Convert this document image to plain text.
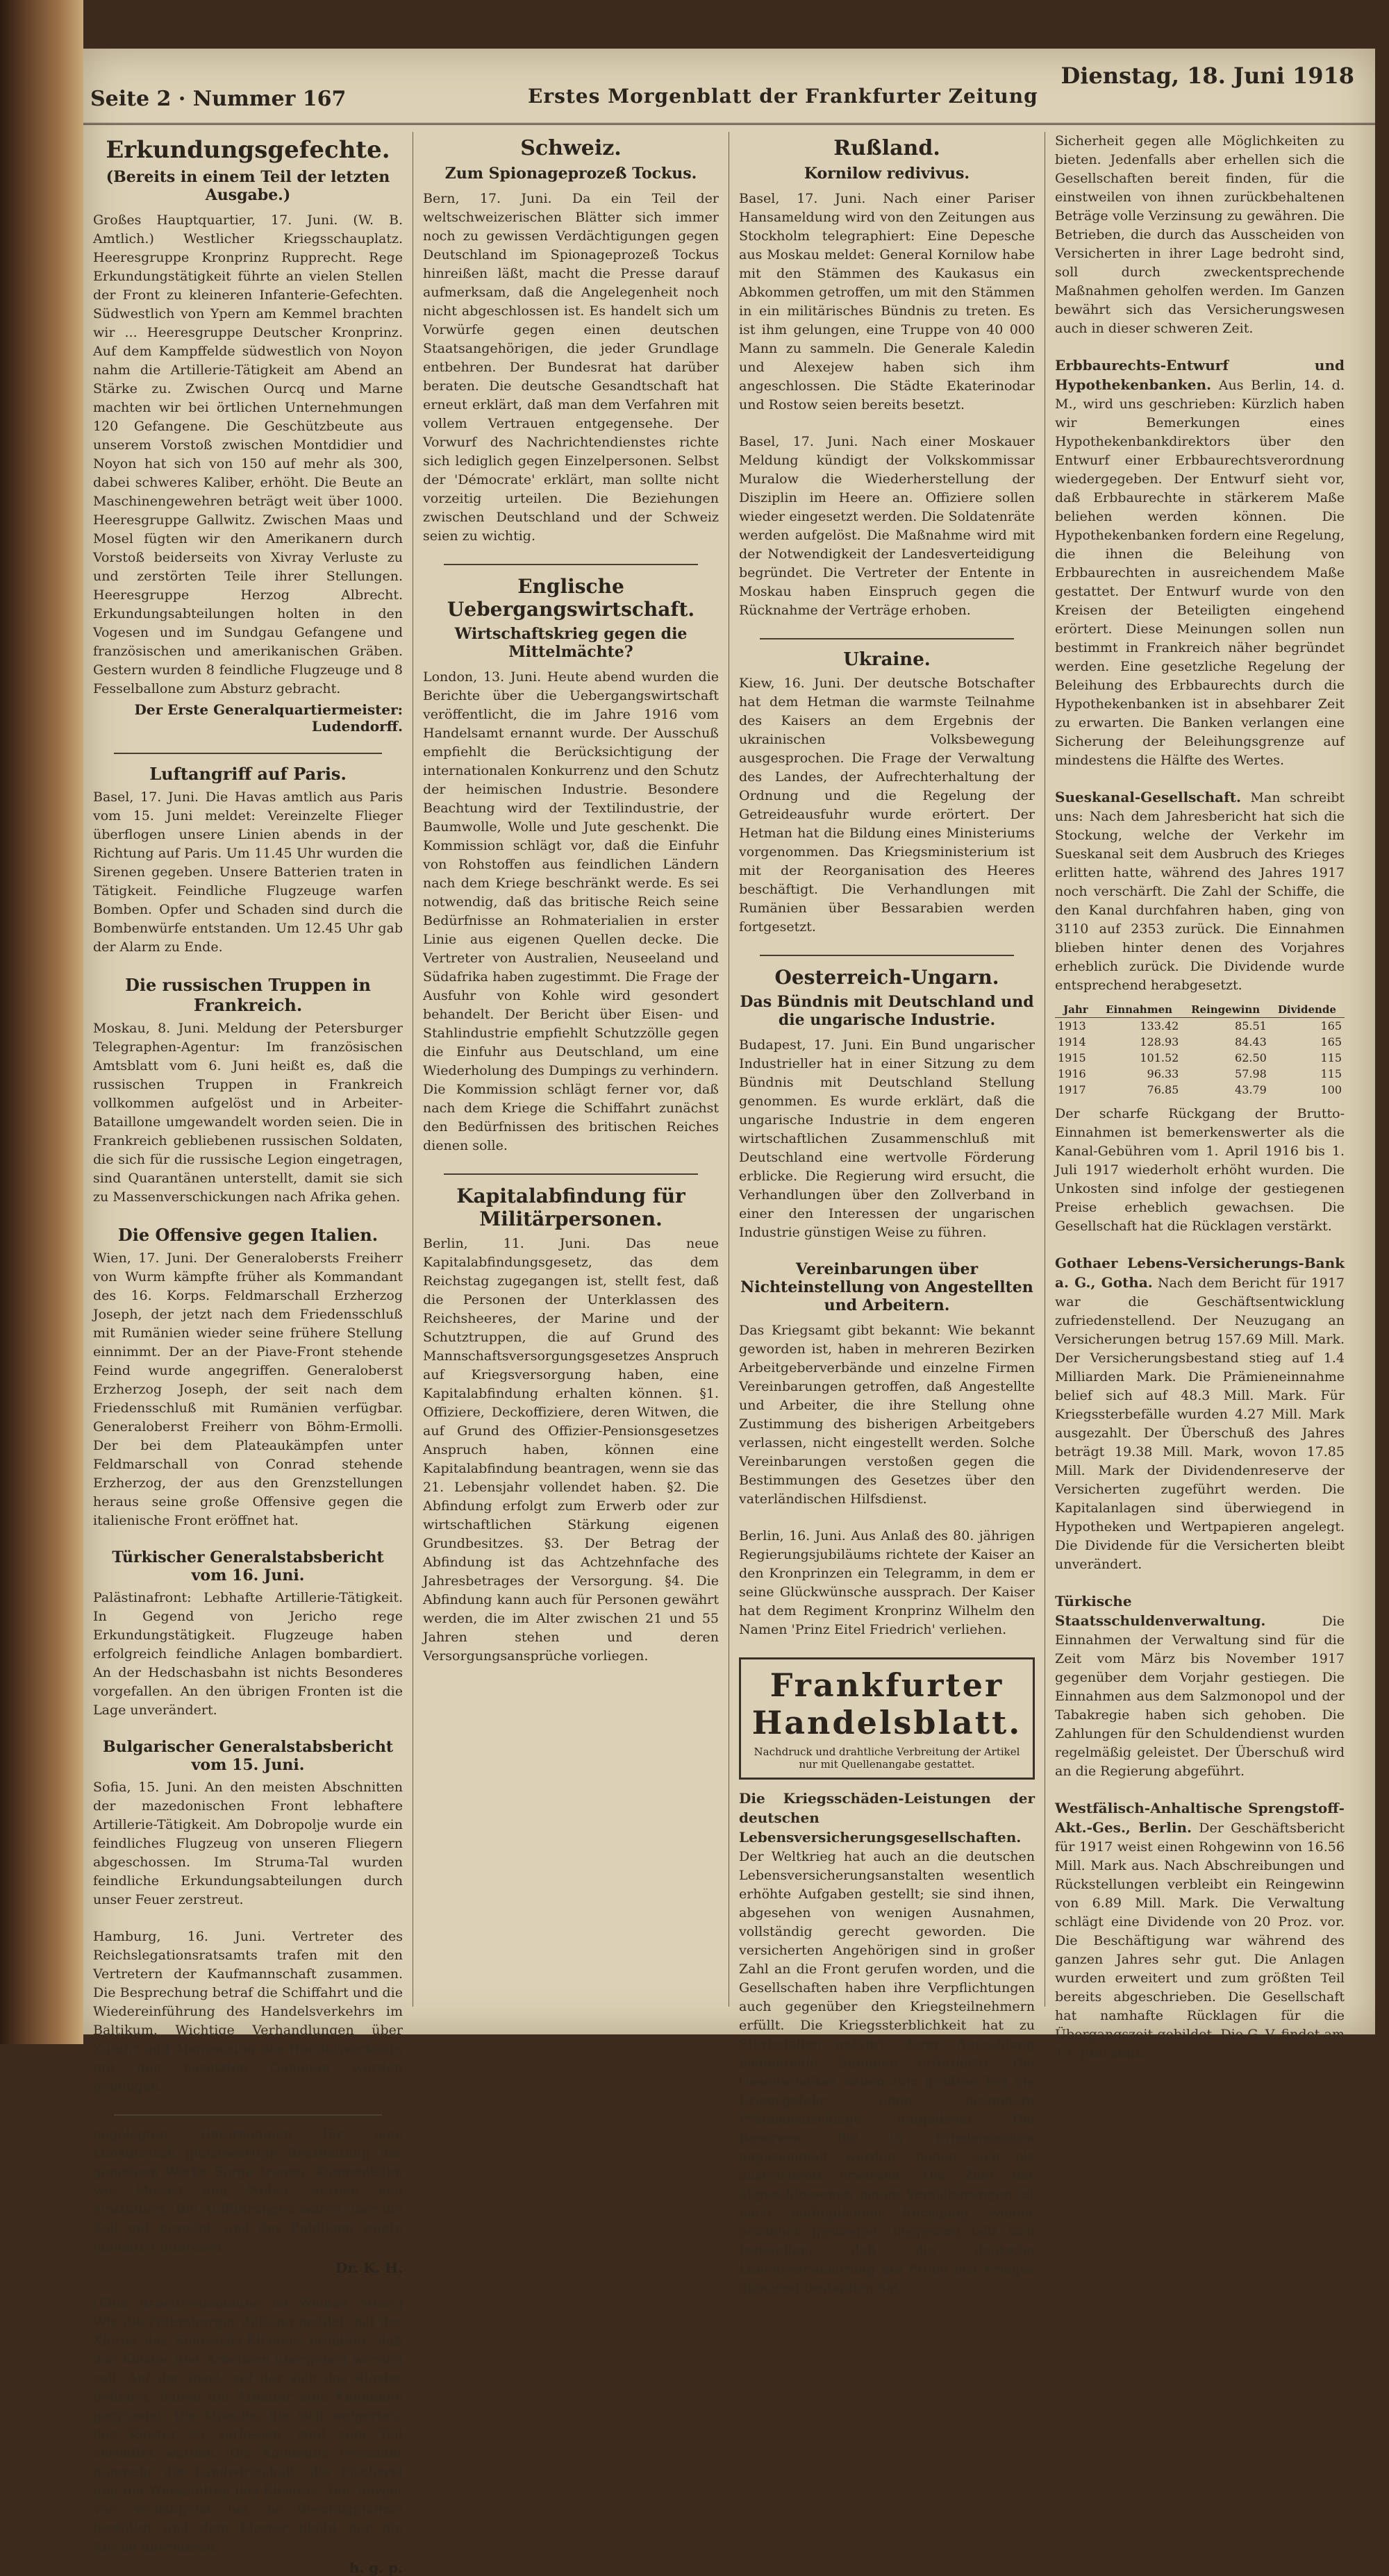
Seite 2 · Nummer 167	Erstes Morgenblatt der Frankfurter Zeitung
Dienstag, 18. Juni 1918
Erkundungsgefechte.
(Bereits in einem Teil der letzten Ausgabe.)
Großes Hauptquartier, 17. Juni. (W. B. Amtlich.) Westlicher Kriegsschauplatz. Heeresgruppe Kronprinz Rupprecht. Rege Erkundungstätigkeit führte an vielen Stellen der Front zu kleineren Infanterie-Gefechten. Südwestlich von Ypern am Kemmel brachten wir ... Heeresgruppe Deutscher Kronprinz. Auf dem Kampffelde südwestlich von Noyon nahm die Artillerie-Tätigkeit am Abend an Stärke zu. Zwischen Ourcq und Marne machten wir bei örtlichen Unternehmungen 120 Gefangene. Die Geschützbeute aus unserem Vorstoß zwischen Montdidier und Noyon hat sich von 150 auf mehr als 300, dabei schweres Kaliber, erhöht. Die Beute an Maschinengewehren beträgt weit über 1000. Heeresgruppe Gallwitz. Zwischen Maas und Mosel fügten wir den Amerikanern durch Vorstoß beiderseits von Xivray Verluste zu und zerstörten Teile ihrer Stellungen. Heeresgruppe Herzog Albrecht. Erkundungsabteilungen holten in den Vogesen und im Sundgau Gefangene und französischen und amerikanischen Gräben. Gestern wurden 8 feindliche Flugzeuge und 8 Fesselballone zum Absturz gebracht.
Der Erste Generalquartiermeister: Ludendorff.
Luftangriff auf Paris.
Basel, 17. Juni. Die Havas amtlich aus Paris vom 15. Juni meldet: Vereinzelte Flieger überflogen unsere Linien abends in der Richtung auf Paris. Um 11.45 Uhr wurden die Sirenen gegeben. Unsere Batterien traten in Tätigkeit. Feindliche Flugzeuge warfen Bomben. Opfer und Schaden sind durch die Bombenwürfe entstanden. Um 12.45 Uhr gab der Alarm zu Ende.
Die russischen Truppen in Frankreich.
Moskau, 8. Juni. Meldung der Petersburger Telegraphen-Agentur: Im französischen Amtsblatt vom 6. Juni heißt es, daß die russischen Truppen in Frankreich vollkommen aufgelöst und in Arbeiter-Bataillone umgewandelt worden seien. Die in Frankreich gebliebenen russischen Soldaten, die sich für die russische Legion eingetragen, sind Quarantänen unterstellt, damit sie sich zu Massenverschickungen nach Afrika gehen.
Die Offensive gegen Italien.
Wien, 17. Juni. Der Generalobersts Freiherr von Wurm kämpfte früher als Kommandant des 16. Korps. Feldmarschall Erzherzog Joseph, der jetzt nach dem Friedensschluß mit Rumänien wieder seine frühere Stellung einnimmt. Der an der Piave-Front stehende Feind wurde angegriffen. Generaloberst Erzherzog Joseph, der seit nach dem Friedensschluß mit Rumänien verfügbar. Generaloberst Freiherr von Böhm-Ermolli. Der bei dem Plateaukämpfen unter Feldmarschall von Conrad stehende Erzherzog, der aus den Grenzstellungen heraus seine große Offensive gegen die italienische Front eröffnet hat.
Türkischer Generalstabsbericht vom 16. Juni.
Palästinafront: Lebhafte Artillerie-Tätigkeit. In Gegend von Jericho rege Erkundungstätigkeit. Flugzeuge haben erfolgreich feindliche Anlagen bombardiert. An der Hedschasbahn ist nichts Besonderes vorgefallen. An den übrigen Fronten ist die Lage unverändert.
Bulgarischer Generalstabsbericht vom 15. Juni.
Sofia, 15. Juni. An den meisten Abschnitten der mazedonischen Front lebhaftere Artillerie-Tätigkeit. Am Dobropolje wurde ein feindliches Flugzeug von unseren Fliegern abgeschossen. Im Struma-Tal wurden feindliche Erkundungsabteilungen durch unser Feuer zerstreut.
Hamburg, 16. Juni. Vertreter des Reichslegationsratsamts trafen mit den Vertretern der Kaufmannschaft zusammen. Die Besprechung betraf die Schiffahrt und die Wiedereinführung des Handelsverkehrs im Baltikum. Wichtige Verhandlungen über Zufuhr und Abgrenzung des Handelsverkehrs mit den besetzten Gebieten wurden gepflogen.
angelegten Unternehmen für eine künstlerisch gleichwertige Bearbeitung der gemeinen Werke Sorge tragen. Komponisten wie Mozart und Weber werden neu einstudiert. Die Aufführungen waren über die Zeit gut besucht, und das Publikum zeigte lebhaftes Interesse.
Dr. K. H.
[Eine Arbeiterkommune im Weißen Meer.] Wie die Petersburger Zeitung meldet, hat der Klerus des Solowezki-Klosters erhalten, daß das Kloster den Arbeitern übergeben werden soll. Auf der Insel, auf der sich das Kloster befindet, haben die Arbeiter eine Kommune gegründet. Die Mönche, die sich weigerten, das Kloster zu verlassen, sind zum Teil verhaftet worden. Die Kommune verwaltet nunmehr die Landwirtschaft, die Fischerei und die Werkstätten des Klosters. Der Sowjet von Archangelsk hat die Beschlagnahme bestätigt und dem Kloster bleibt nur die Kirche überlassen.
h. g. p.
Schweiz.
Zum Spionageprozeß Tockus.
Bern, 17. Juni. Da ein Teil der weltschweizerischen Blätter sich immer noch zu gewissen Verdächtigungen gegen Deutschland im Spionageprozeß Tockus hinreißen läßt, macht die Presse darauf aufmerksam, daß die Angelegenheit noch nicht abgeschlossen ist. Es handelt sich um Vorwürfe gegen einen deutschen Staatsangehörigen, die jeder Grundlage entbehren. Der Bundesrat hat darüber beraten. Die deutsche Gesandtschaft hat erneut erklärt, daß man dem Verfahren mit vollem Vertrauen entgegensehe. Der Vorwurf des Nachrichtendienstes richte sich lediglich gegen Einzelpersonen. Selbst der 'Démocrate' erklärt, man sollte nicht vorzeitig urteilen. Die Beziehungen zwischen Deutschland und der Schweiz seien zu wichtig.
Englische Uebergangswirtschaft.
Wirtschaftskrieg gegen die Mittelmächte?
London, 13. Juni. Heute abend wurden die Berichte über die Uebergangswirtschaft veröffentlicht, die im Jahre 1916 vom Handelsamt ernannt wurde. Der Ausschuß empfiehlt die Berücksichtigung der internationalen Konkurrenz und den Schutz der heimischen Industrie. Besondere Beachtung wird der Textilindustrie, der Baumwolle, Wolle und Jute geschenkt. Die Kommission schlägt vor, daß die Einfuhr von Rohstoffen aus feindlichen Ländern nach dem Kriege beschränkt werde. Es sei notwendig, daß das britische Reich seine Bedürfnisse an Rohmaterialien in erster Linie aus eigenen Quellen decke. Die Vertreter von Australien, Neuseeland und Südafrika haben zugestimmt. Die Frage der Ausfuhr von Kohle wird gesondert behandelt. Der Bericht über Eisen- und Stahlindustrie empfiehlt Schutzzölle gegen die Einfuhr aus Deutschland, um eine Wiederholung des Dumpings zu verhindern. Die Kommission schlägt ferner vor, daß nach dem Kriege die Schiffahrt zunächst den Bedürfnissen des britischen Reiches dienen solle.
Kapitalabfindung für Militärpersonen.
Berlin, 11. Juni. Das neue Kapitalabfindungsgesetz, das dem Reichstag zugegangen ist, stellt fest, daß die Personen der Unterklassen des Reichsheeres, der Marine und der Schutztruppen, die auf Grund des Mannschaftsversorgungsgesetzes Anspruch auf Kriegsversorgung haben, eine Kapitalabfindung erhalten können. §1. Offiziere, Deckoffiziere, deren Witwen, die auf Grund des Offizier-Pensionsgesetzes Anspruch haben, können eine Kapitalabfindung beantragen, wenn sie das 21. Lebensjahr vollendet haben. §2. Die Abfindung erfolgt zum Erwerb oder zur wirtschaftlichen Stärkung eigenen Grundbesitzes. §3. Der Betrag der Abfindung ist das Achtzehnfache des Jahresbetrages der Versorgung. §4. Die Abfindung kann auch für Personen gewährt werden, die im Alter zwischen 21 und 55 Jahren stehen und deren Versorgungsansprüche vorliegen.
Rußland.
Kornilow redivivus.
Basel, 17. Juni. Nach einer Pariser Hansameldung wird von den Zeitungen aus Stockholm telegraphiert: Eine Depesche aus Moskau meldet: General Kornilow habe mit den Stämmen des Kaukasus ein Abkommen getroffen, um mit den Stämmen in ein militärisches Bündnis zu treten. Es ist ihm gelungen, eine Truppe von 40 000 Mann zu sammeln. Die Generale Kaledin und Alexejew haben sich ihm angeschlossen. Die Städte Ekaterinodar und Rostow seien bereits besetzt.
Basel, 17. Juni. Nach einer Moskauer Meldung kündigt der Volkskommissar Muralow die Wiederherstellung der Disziplin im Heere an. Offiziere sollen wieder eingesetzt werden. Die Soldatenräte werden aufgelöst. Die Maßnahme wird mit der Notwendigkeit der Landesverteidigung begründet. Die Vertreter der Entente in Moskau haben Einspruch gegen die Rücknahme der Verträge erhoben.
Ukraine.
Kiew, 16. Juni. Der deutsche Botschafter hat dem Hetman die warmste Teilnahme des Kaisers an dem Ergebnis der ukrainischen Volksbewegung ausgesprochen. Die Frage der Verwaltung des Landes, der Aufrechterhaltung der Ordnung und die Regelung der Getreideausfuhr wurde erörtert. Der Hetman hat die Bildung eines Ministeriums vorgenommen. Das Kriegsministerium ist mit der Reorganisation des Heeres beschäftigt. Die Verhandlungen mit Rumänien über Bessarabien werden fortgesetzt.
Oesterreich-Ungarn.
Das Bündnis mit Deutschland und die ungarische Industrie.
Budapest, 17. Juni. Ein Bund ungarischer Industrieller hat in einer Sitzung zu dem Bündnis mit Deutschland Stellung genommen. Es wurde erklärt, daß die ungarische Industrie in dem engeren wirtschaftlichen Zusammenschluß mit Deutschland eine wertvolle Förderung erblicke. Die Regierung wird ersucht, die Verhandlungen über den Zollverband in einer den Interessen der ungarischen Industrie günstigen Weise zu führen.
Vereinbarungen über Nichteinstellung von Angestellten und Arbeitern.
Das Kriegsamt gibt bekannt: Wie bekannt geworden ist, haben in mehreren Bezirken Arbeitgeberverbände und einzelne Firmen Vereinbarungen getroffen, daß Angestellte und Arbeiter, die ihre Stellung ohne Zustimmung des bisherigen Arbeitgebers verlassen, nicht eingestellt werden. Solche Vereinbarungen verstoßen gegen die Bestimmungen des Gesetzes über den vaterländischen Hilfsdienst.
Berlin, 16. Juni. Aus Anlaß des 80. jährigen Regierungsjubiläums richtete der Kaiser an den Kronprinzen ein Telegramm, in dem er seine Glückwünsche aussprach. Der Kaiser hat dem Regiment Kronprinz Wilhelm den Namen 'Prinz Eitel Friedrich' verliehen.
Frankfurter Handelsblatt.
Nachdruck und drahtliche Verbreitung der Artikel nur mit Quellenangabe gestattet.
Die Kriegsschäden-Leistungen der deutschen Lebensversicherungsgesellschaften. Der Weltkrieg hat auch an die deutschen Lebensversicherungsanstalten wesentlich erhöhte Aufgaben gestellt; sie sind ihnen, abgesehen von wenigen Ausnahmen, vollständig gerecht geworden. Die versicherten Angehörigen sind in großer Zahl an die Front gerufen worden, und die Gesellschaften haben ihre Verpflichtungen auch gegenüber den Kriegsteilnehmern erfüllt. Die Kriegssterblichkeit hat zu Sterbefällen geführt, deren Auszahlung bedeutende Summen erforderte. Die Gesellschaften haben zum größten Teil die Kriegsgefahr ohne besondere Prämienzuschläge mitgedeckt. Die Reserven, die in Friedenszeiten angesammelt wurden, haben sich als ausreichend erwiesen. Die Zahl der abgeschlossenen neuen Versicherungen ist nach anfänglichem Rückgang wieder erheblich gestiegen. Insgesamt läßt sich feststellen, daß die deutsche Lebensversicherung die Probe des Krieges glänzend bestanden hat.
Sicherheit gegen alle Möglichkeiten zu bieten. Jedenfalls aber erhellen sich die Gesellschaften bereit finden, für die einstweilen von ihnen zurückbehaltenen Beträge volle Verzinsung zu gewähren. Die Betrieben, die durch das Ausscheiden von Versicherten in ihrer Lage bedroht sind, soll durch zweckentsprechende Maßnahmen geholfen werden. Im Ganzen bewährt sich das Versicherungswesen auch in dieser schweren Zeit.
Erbbaurechts-Entwurf und Hypothekenbanken. Aus Berlin, 14. d. M., wird uns geschrieben: Kürzlich haben wir Bemerkungen eines Hypothekenbankdirektors über den Entwurf einer Erbbaurechtsverordnung wiedergegeben. Der Entwurf sieht vor, daß Erbbaurechte in stärkerem Maße beliehen werden können. Die Hypothekenbanken fordern eine Regelung, die ihnen die Beleihung von Erbbaurechten in ausreichendem Maße gestattet. Der Entwurf wurde von den Kreisen der Beteiligten eingehend erörtert. Diese Meinungen sollen nun bestimmt in Frankreich näher begründet werden. Eine gesetzliche Regelung der Beleihung des Erbbaurechts durch die Hypothekenbanken ist in absehbarer Zeit zu erwarten. Die Banken verlangen eine Sicherung der Beleihungsgrenze auf mindestens die Hälfte des Wertes.
Sueskanal-Gesellschaft. Man schreibt uns: Nach dem Jahresbericht hat sich die Stockung, welche der Verkehr im Sueskanal seit dem Ausbruch des Krieges erlitten hatte, während des Jahres 1917 noch verschärft. Die Zahl der Schiffe, die den Kanal durchfahren haben, ging von 3110 auf 2353 zurück. Die Einnahmen blieben hinter denen des Vorjahres erheblich zurück. Die Dividende wurde entsprechend herabgesetzt.
Jahr	Einnahmen	Reingewinn	Dividende
1913	133.42	85.51	165
1914	128.93	84.43	165
1915	101.52	62.50	115
1916	96.33	57.98	115
1917	76.85	43.79	100
Der scharfe Rückgang der Brutto-Einnahmen ist bemerkenswerter als die Kanal-Gebühren vom 1. April 1916 bis 1. Juli 1917 wiederholt erhöht wurden. Die Unkosten sind infolge der gestiegenen Preise erheblich gewachsen. Die Gesellschaft hat die Rücklagen verstärkt.
Gothaer Lebens-Versicherungs-Bank a. G., Gotha. Nach dem Bericht für 1917 war die Geschäftsentwicklung zufriedenstellend. Der Neuzugang an Versicherungen betrug 157.69 Mill. Mark. Der Versicherungsbestand stieg auf 1.4 Milliarden Mark. Die Prämieneinnahme belief sich auf 48.3 Mill. Mark. Für Kriegssterbefälle wurden 4.27 Mill. Mark ausgezahlt. Der Überschuß des Jahres beträgt 19.38 Mill. Mark, wovon 17.85 Mill. Mark der Dividendenreserve der Versicherten zugeführt werden. Die Kapitalanlagen sind überwiegend in Hypotheken und Wertpapieren angelegt. Die Dividende für die Versicherten bleibt unverändert.
Türkische Staatsschuldenverwaltung.	Die Einnahmen der Verwaltung sind für die Zeit vom März bis November 1917 gegenüber dem Vorjahr gestiegen. Die Einnahmen aus dem Salzmonopol und der Tabakregie haben sich gehoben. Die Zahlungen für den Schuldendienst wurden regelmäßig geleistet. Der Überschuß wird an die Regierung abgeführt.
Westfälisch-Anhaltische Sprengstoff-Akt.-Ges., Berlin. Der Geschäftsbericht für 1917 weist einen Rohgewinn von 16.56 Mill. Mark aus. Nach Abschreibungen und Rückstellungen verbleibt ein Reingewinn von 6.89 Mill. Mark. Die Verwaltung schlägt eine Dividende von 20 Proz. vor. Die Beschäftigung war während des ganzen Jahres sehr gut. Die Anlagen wurden erweitert und zum größten Teil bereits abgeschrieben. Die Gesellschaft hat namhafte Rücklagen für die Übergangszeit gebildet. Die G.-V. findet am 15. Juni statt.
